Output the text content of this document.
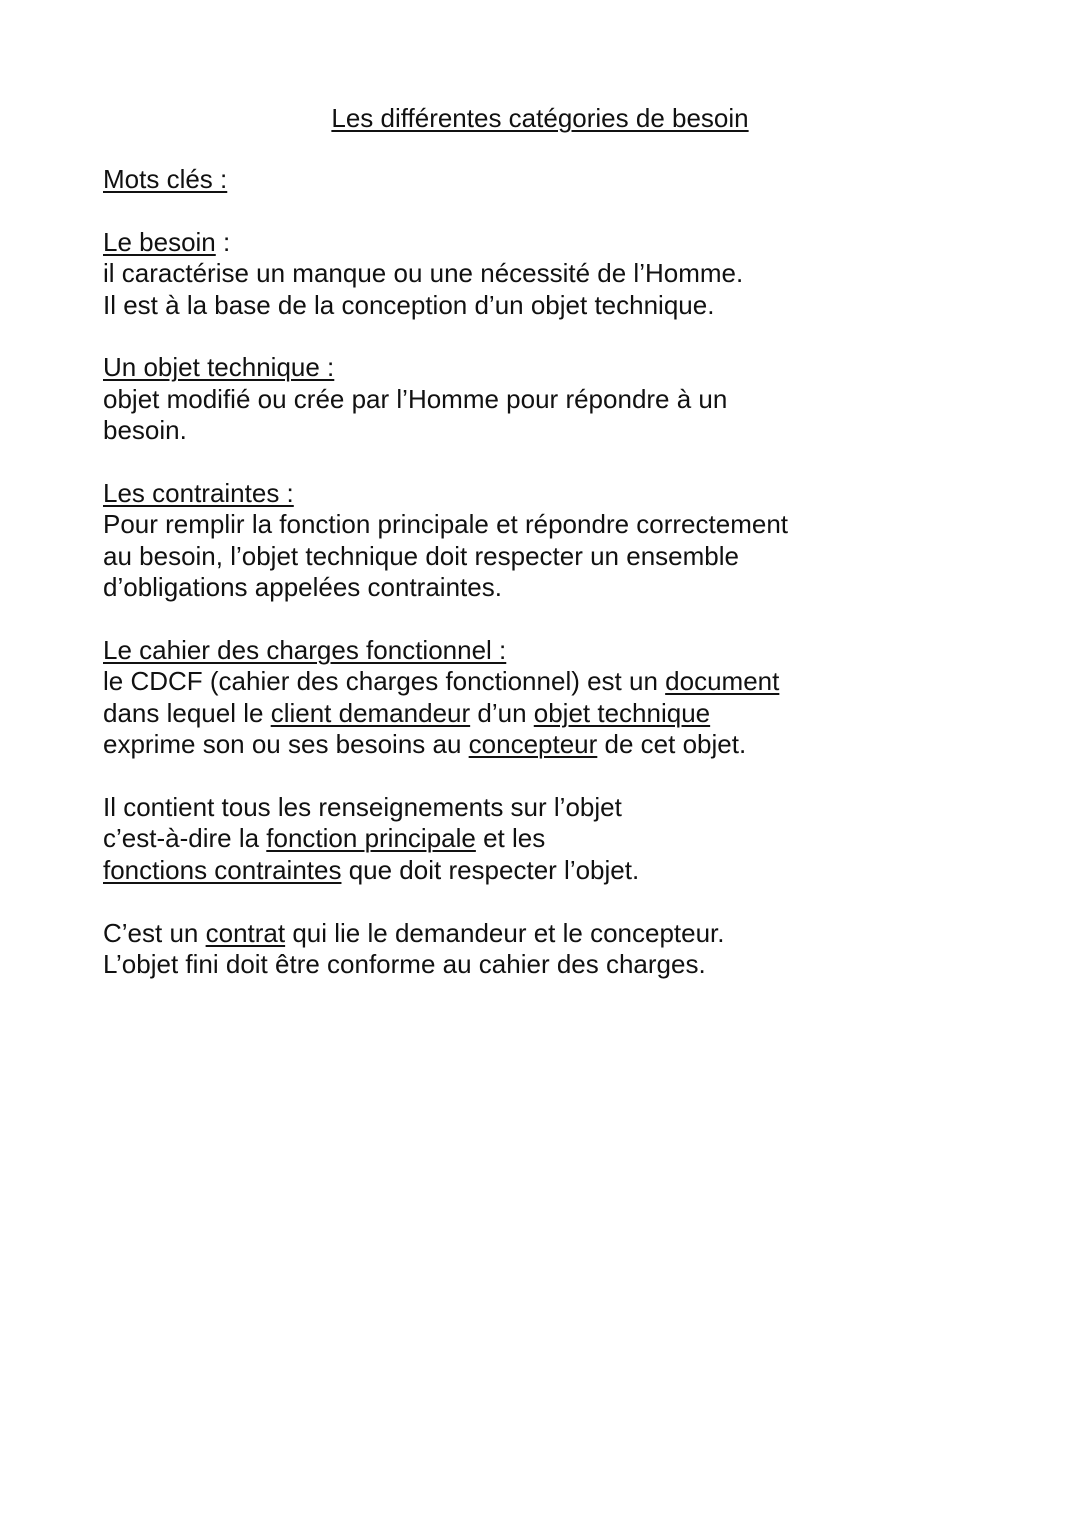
Les différentes catégories de besoin
Mots clés :
Le besoin :
il caractérise un manque ou une nécessité de l’Homme.
Il est à la base de la conception d’un objet technique.
Un objet technique :
objet modifié ou crée par l’Homme pour répondre à un
besoin.
Les contraintes :
Pour remplir la fonction principale et répondre correctement
au besoin, l’objet technique doit respecter un ensemble
d’obligations appelées contraintes.
Le cahier des charges fonctionnel :
le CDCF (cahier des charges fonctionnel) est un document
dans lequel le client demandeur d’un objet technique
exprime son ou ses besoins au concepteur de cet objet.
Il contient tous les renseignements sur l’objet
c’est-à-dire la fonction principale et les
fonctions contraintes que doit respecter l’objet.
C’est un contrat qui lie le demandeur et le concepteur.
L’objet fini doit être conforme au cahier des charges.
